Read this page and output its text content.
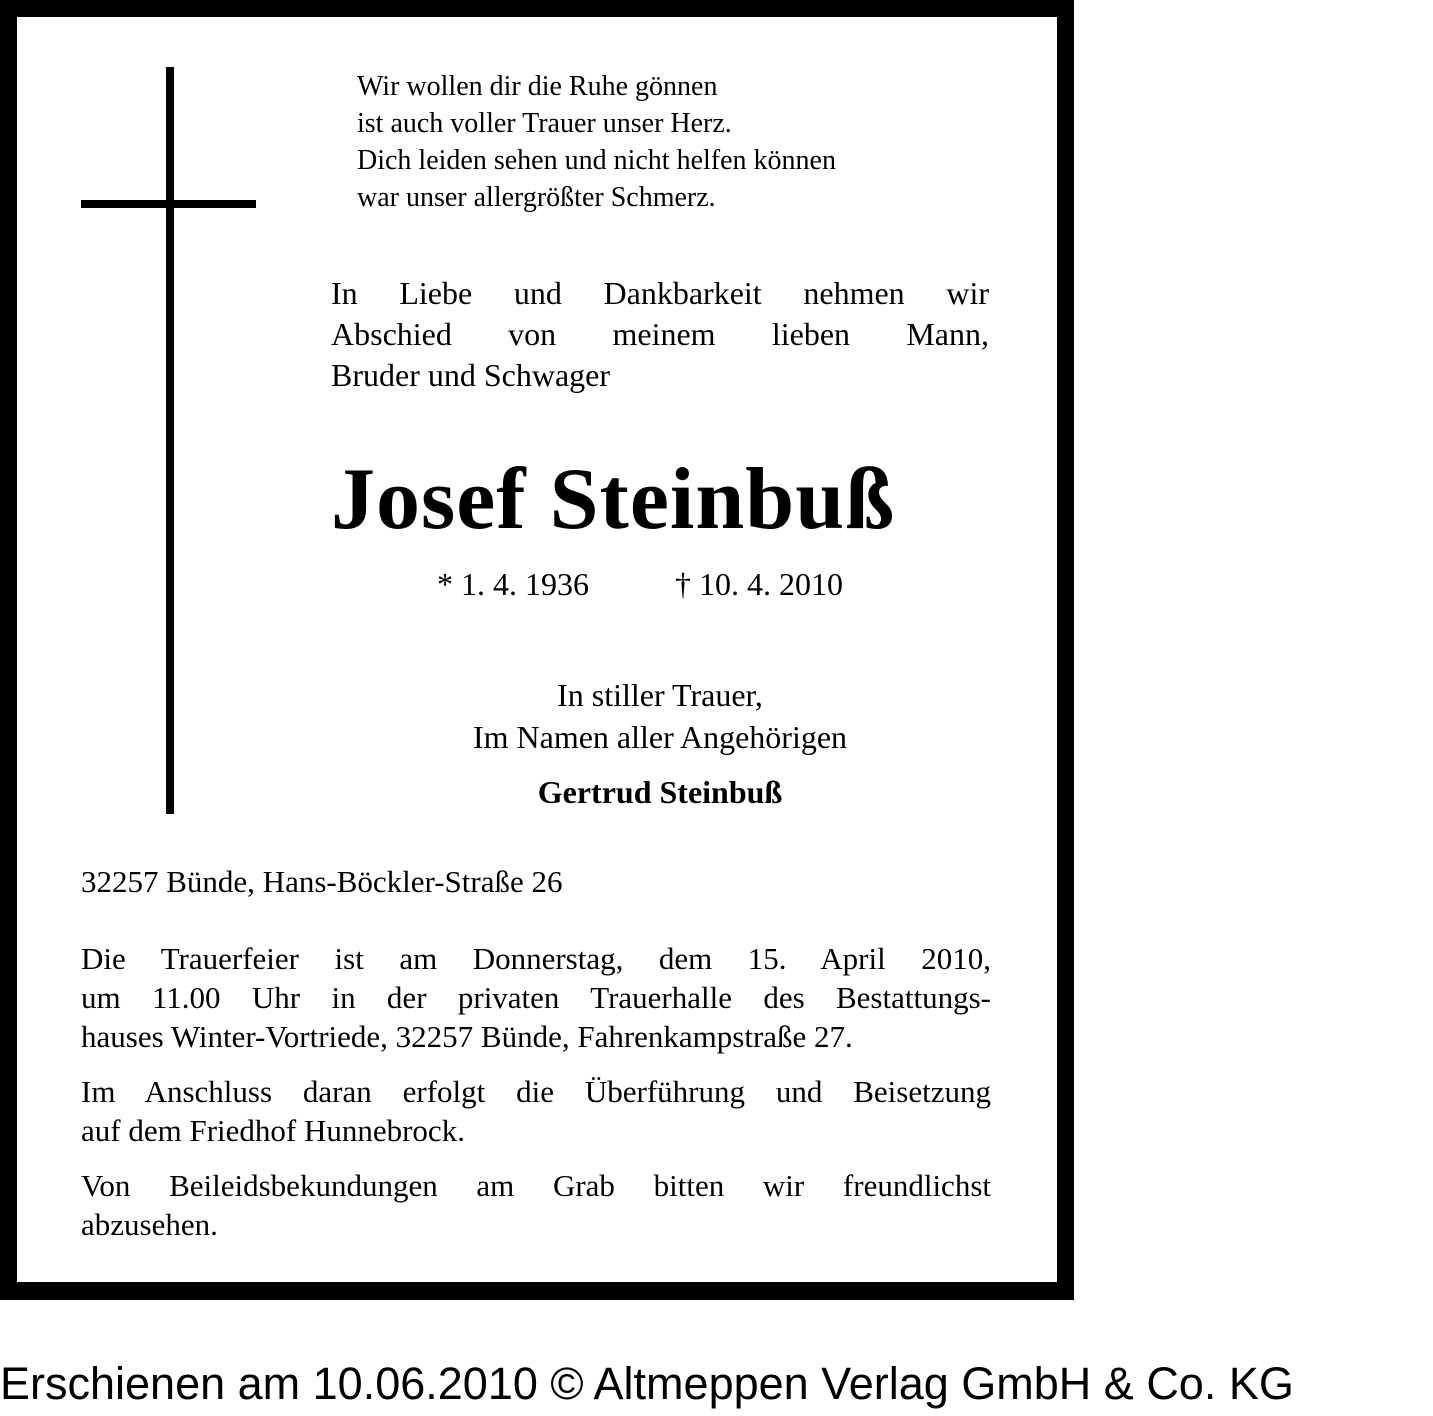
Wir wollen dir die Ruhe gönnen
ist auch voller Trauer unser Herz.
Dich leiden sehen und nicht helfen können
war unser allergrößter Schmerz.
In Liebe und Dankbarkeit nehmen wir
Abschied von meinem lieben Mann,
Bruder und Schwager
Josef Steinbuß
* 1. 4. 1936	† 10. 4. 2010
In stiller Trauer,
Im Namen aller Angehörigen
Gertrud Steinbuß
32257 Bünde, Hans-Böckler-Straße 26
Die Trauerfeier ist am Donnerstag, dem 15. April 2010,
um 11.00 Uhr in der privaten Trauerhalle des Bestattungs-
hauses Winter-Vortriede, 32257 Bünde, Fahrenkampstraße 27.
Im Anschluss daran erfolgt die Überführung und Beisetzung
auf dem Friedhof Hunnebrock.
Von Beileidsbekundungen am Grab bitten wir freundlichst
abzusehen.
Erschienen am 10.06.2010 © Altmeppen Verlag GmbH & Co. KG
